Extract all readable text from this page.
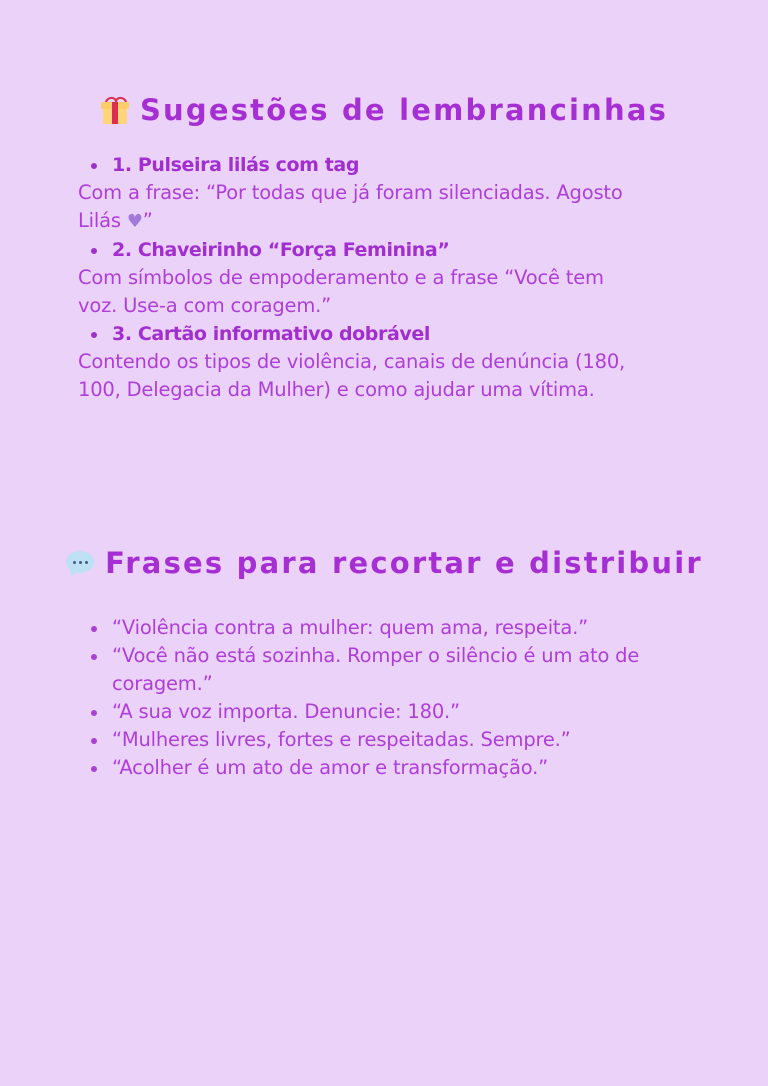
Sugestões de lembrancinhas
1. Pulseira lilás com tag
Com a frase: “Por todas que já foram silenciadas. Agosto
Lilás ♥”
2. Chaveirinho “Força Feminina”
Com símbolos de empoderamento e a frase “Você tem
voz. Use-a com coragem.”
3. Cartão informativo dobrável
Contendo os tipos de violência, canais de denúncia (180,
100, Delegacia da Mulher) e como ajudar uma vítima.
Frases para recortar e distribuir
“Violência contra a mulher: quem ama, respeita.”
“Você não está sozinha. Romper o silêncio é um ato de coragem.”
“A sua voz importa. Denuncie: 180.”
“Mulheres livres, fortes e respeitadas. Sempre.”
“Acolher é um ato de amor e transformação.”
